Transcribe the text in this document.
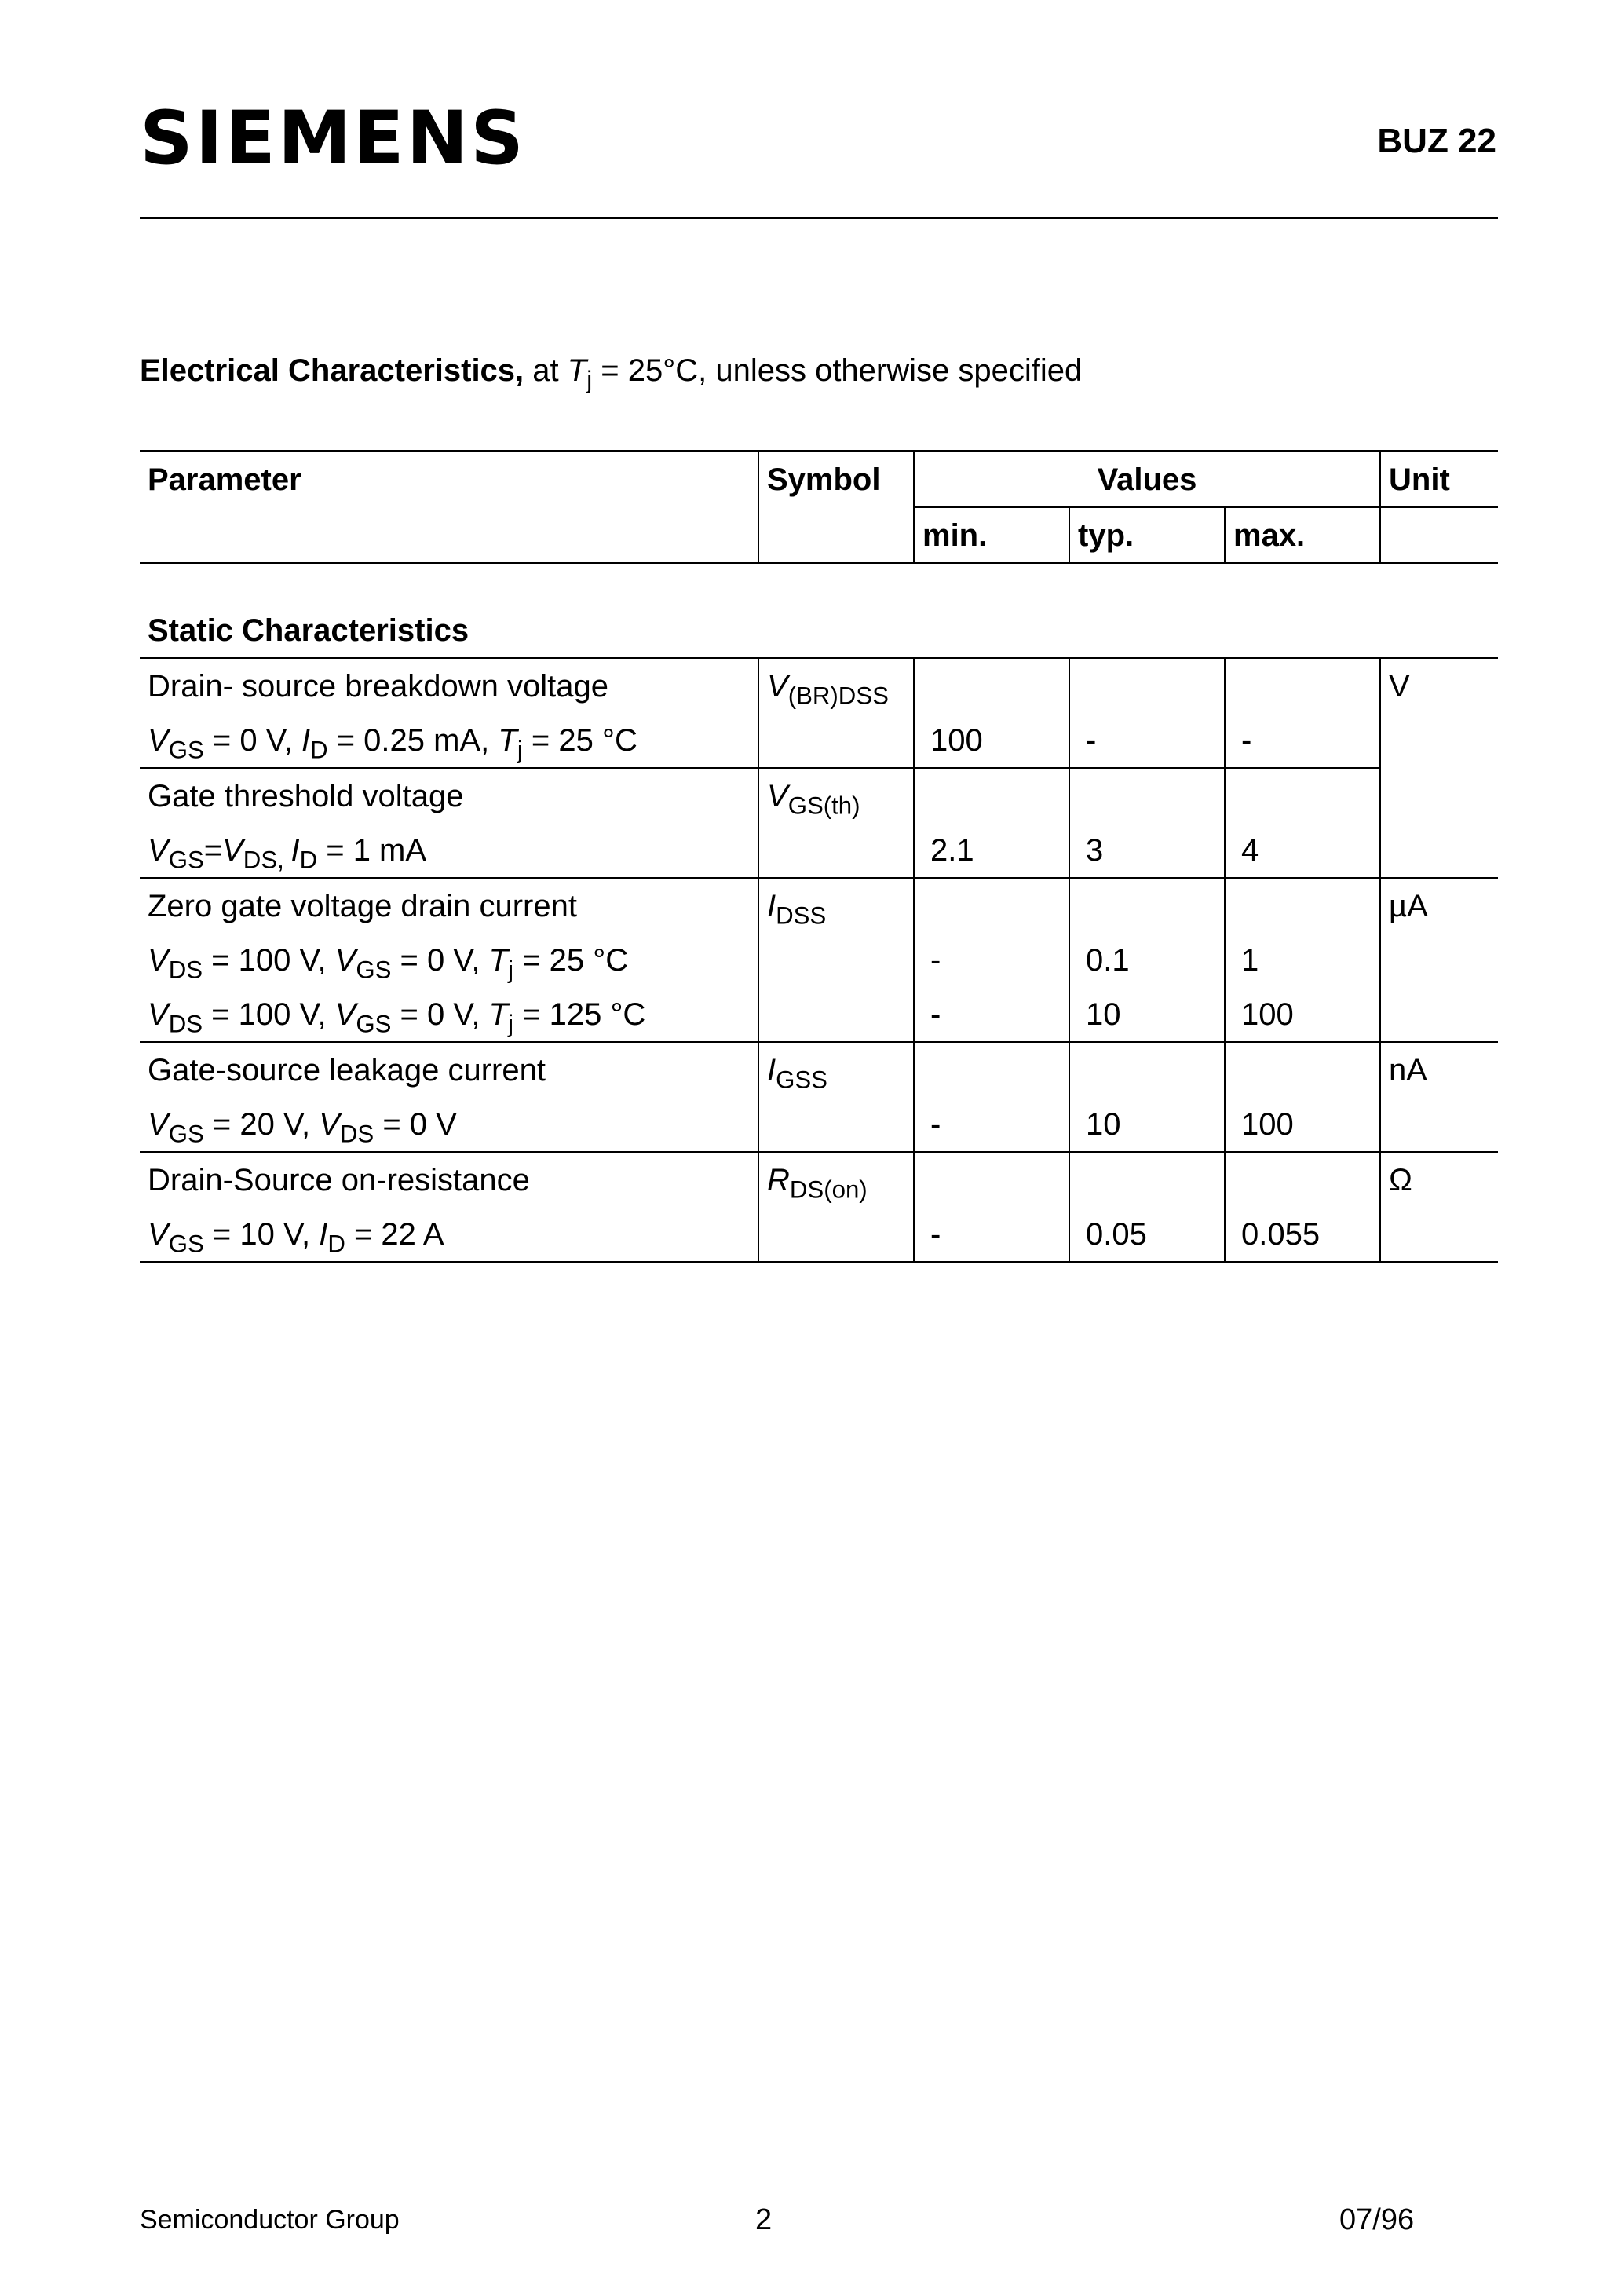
SIEMENS	BUZ 22
Electrical Characteristics, at $T_j = 25^\circ C$, unless otherwise specified
Parameter	Symbol	Values			Unit
		min.	typ.	max.	

Static Characteristics					
Drain- source breakdown voltage	$V_{(BR)DSS}$				V
$V_{GS} = 0$ V, $I_D = 0.25$ mA, $T_j = 25$ °C		100	-	-	
Gate threshold voltage	$V_{GS(th)}$				
$V_{GS}=V_{DS,}$ $I_D = 1$ mA		2.1	3	4	
Zero gate voltage drain current	$I_{DSS}$				µA
$V_{DS} = 100$ V, $V_{GS} = 0$ V, $T_j = 25$ °C		-	0.1	1	
$V_{DS} = 100$ V, $V_{GS} = 0$ V, $T_j = 125$ °C		-	10	100	
Gate-source leakage current	$I_{GSS}$				nA
$V_{GS} = 20$ V, $V_{DS} = 0$ V		-	10	100	
Drain-Source on-resistance	$R_{DS(on)}$				Ω
$V_{GS} = 10$ V, $I_D = 22$ A		-	0.05	0.055	

Semiconductor Group	2	07/96
